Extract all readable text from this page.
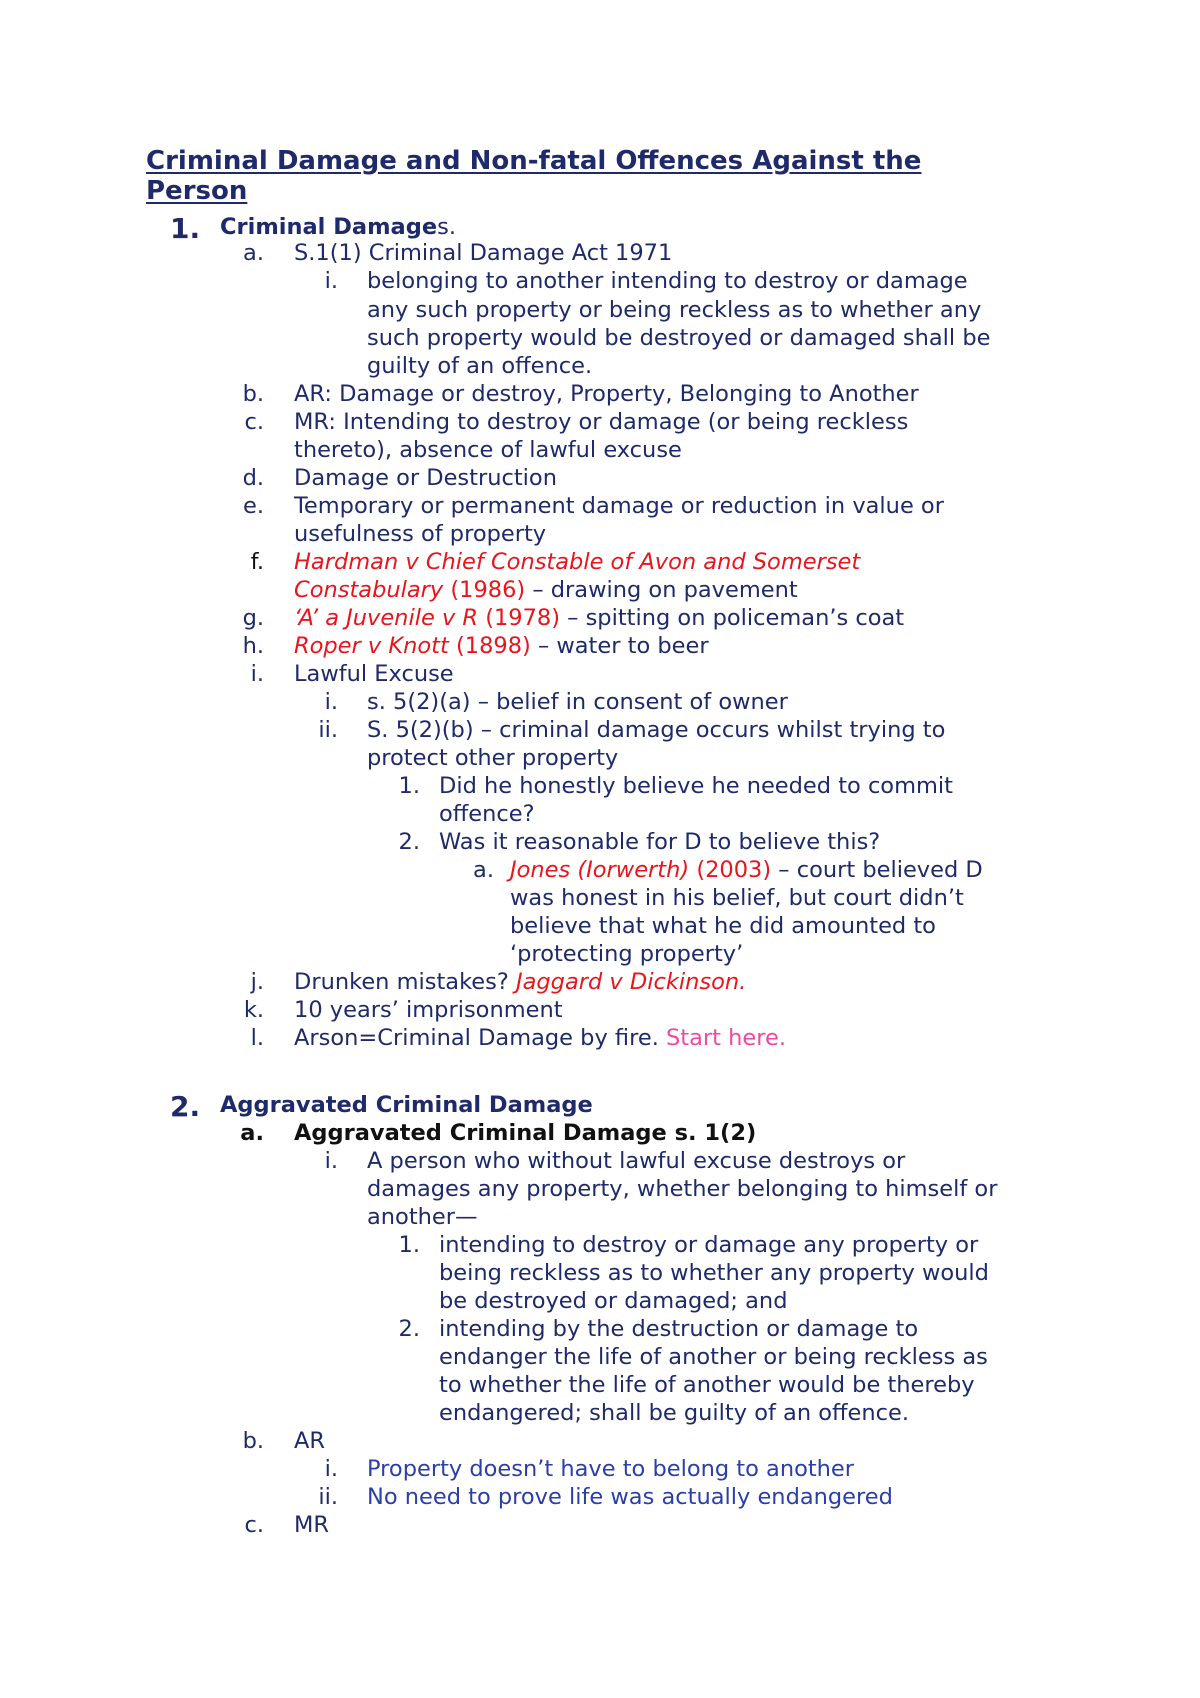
Criminal Damage and Non-fatal Offences Against the
Person
1. Criminal Damages.
a. S.1(1) Criminal Damage Act 1971
i. belonging to another intending to destroy or damage
any such property or being reckless as to whether any
such property would be destroyed or damaged shall be
guilty of an offence.
b. AR: Damage or destroy, Property, Belonging to Another
c. MR: Intending to destroy or damage (or being reckless
thereto), absence of lawful excuse
d. Damage or Destruction
e. Temporary or permanent damage or reduction in value or
usefulness of property
f. Hardman v Chief Constable of Avon and Somerset
Constabulary (1986) – drawing on pavement
g. ‘A’ a Juvenile v R (1978) – spitting on policeman’s coat
h. Roper v Knott (1898) – water to beer
i. Lawful Excuse
i. s. 5(2)(a) – belief in consent of owner
ii. S. 5(2)(b) – criminal damage occurs whilst trying to
protect other property
1. Did he honestly believe he needed to commit
offence?
2. Was it reasonable for D to believe this?
a. Jones (Iorwerth) (2003) – court believed D
was honest in his belief, but court didn’t
believe that what he did amounted to
‘protecting property’
j. Drunken mistakes? Jaggard v Dickinson.
k. 10 years’ imprisonment
l. Arson=Criminal Damage by fire. Start here.
2. Aggravated Criminal Damage
a. Aggravated Criminal Damage s. 1(2)
i. A person who without lawful excuse destroys or
damages any property, whether belonging to himself or
another—
1. intending to destroy or damage any property or
being reckless as to whether any property would
be destroyed or damaged; and
2. intending by the destruction or damage to
endanger the life of another or being reckless as
to whether the life of another would be thereby
endangered; shall be guilty of an offence.
b. AR
i. Property doesn’t have to belong to another
ii. No need to prove life was actually endangered
c. MR
